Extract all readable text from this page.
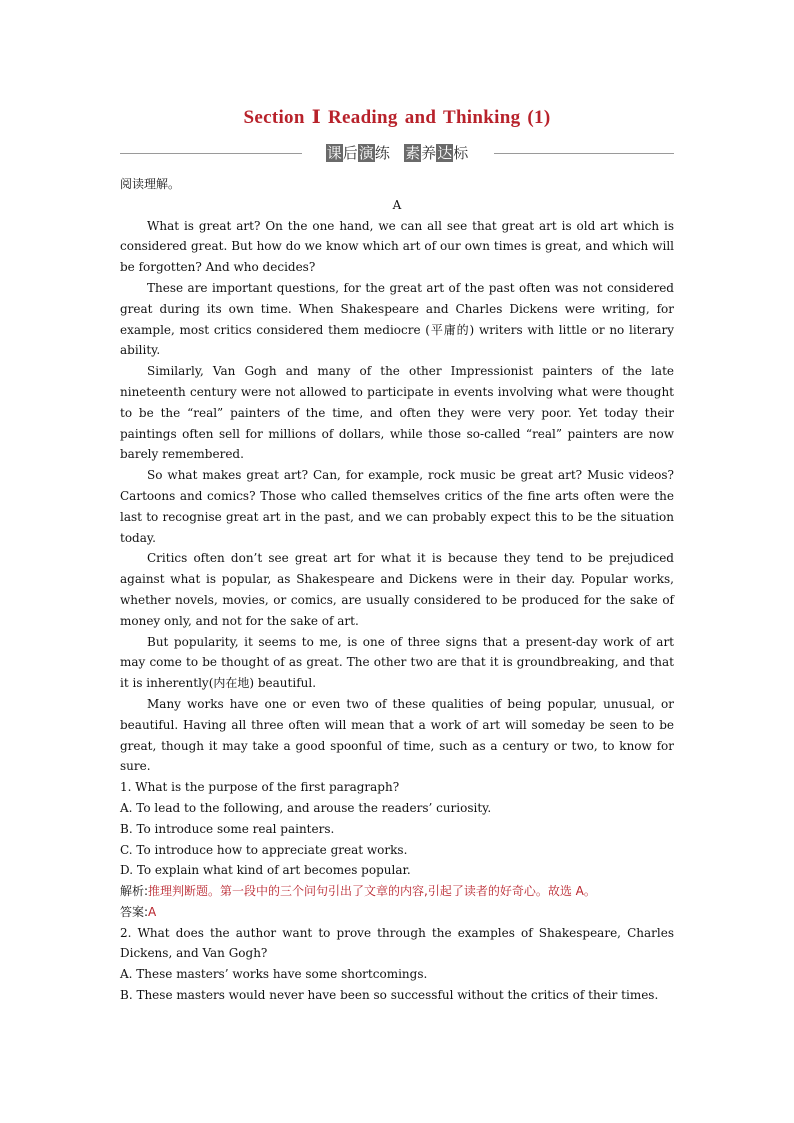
Section Ⅰ Reading and Thinking (1)
课后演练 素养达标

阅读理解。

A

What is great art? On the one hand, we can all see that great art is old art which is considered great. But how do we know which art of our own times is great, and which will be forgotten? And who decides?

These are important questions, for the great art of the past often was not considered great during its own time. When Shakespeare and Charles Dickens were writing, for example, most critics considered them mediocre (平庸的) writers with little or no literary ability.

Similarly, Van Gogh and many of the other Impressionist painters of the late nineteenth century were not allowed to participate in events involving what were thought to be the “real” painters of the time, and often they were very poor. Yet today their paintings often sell for millions of dollars, while those so-called “real” painters are now barely remembered.

So what makes great art? Can, for example, rock music be great art? Music videos? Cartoons and comics? Those who called themselves critics of the fine arts often were the last to recognise great art in the past, and we can probably expect this to be the situation today.

Critics often don’t see great art for what it is because they tend to be prejudiced against what is popular, as Shakespeare and Dickens were in their day. Popular works, whether novels, movies, or comics, are usually considered to be produced for the sake of money only, and not for the sake of art.

But popularity, it seems to me, is one of three signs that a present-day work of art may come to be thought of as great. The other two are that it is groundbreaking, and that it is inherently(内在地) beautiful.

Many works have one or even two of these qualities of being popular, unusual, or beautiful. Having all three often will mean that a work of art will someday be seen to be great, though it may take a good spoonful of time, such as a century or two, to know for sure.

1. What is the purpose of the first paragraph?

A. To lead to the following, and arouse the readers’ curiosity.

B. To introduce some real painters.

C. To introduce how to appreciate great works.

D. To explain what kind of art becomes popular.

解析:推理判断题。第一段中的三个问句引出了文章的内容,引起了读者的好奇心。故选 A。

答案:A

2. What does the author want to prove through the examples of Shakespeare, Charles Dickens, and Van Gogh?

A. These masters’ works have some shortcomings.

B. These masters would never have been so successful without the critics of their times.
